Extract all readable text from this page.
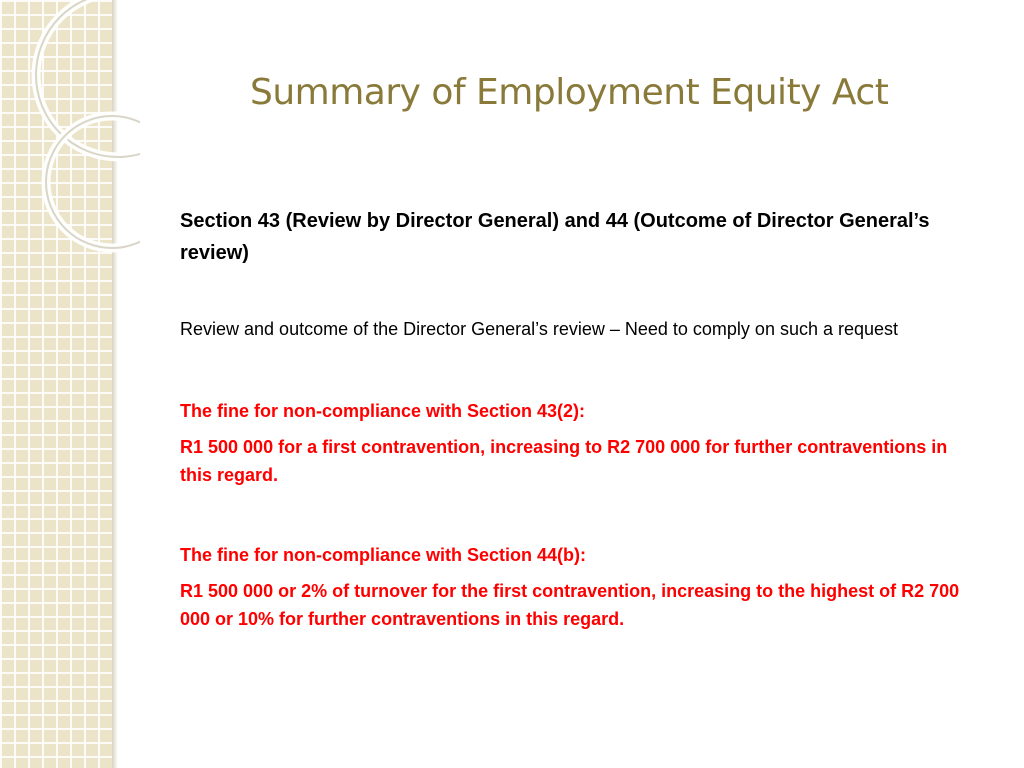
Summary of Employment Equity Act

Section 43 (Review by Director General) and 44 (Outcome of Director General’s review)

Review and outcome of the Director General’s review – Need to comply on such a request

The fine for non-compliance with Section 43(2):

R1 500 000 for a first contravention, increasing to R2 700 000 for further contraventions in this regard.

The fine for non-compliance with Section 44(b):

R1 500 000 or 2% of turnover for the first contravention, increasing to the highest of R2 700 000 or 10% for further contraventions in this regard.
